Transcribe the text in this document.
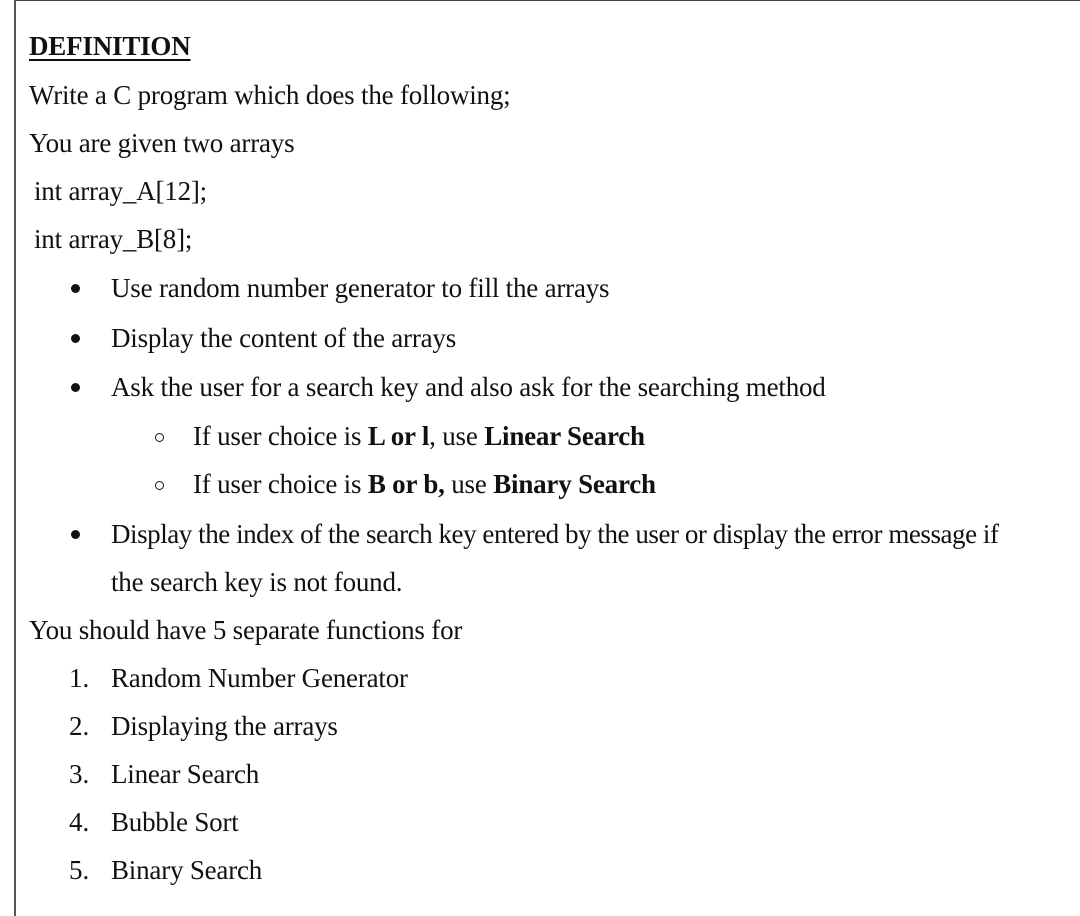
DEFINITION
Write a C program which does the following;
You are given two arrays
int array_A[12];
int array_B[8];
Use random number generator to fill the arrays
Display the content of the arrays
Ask the user for a search key and also ask for the searching method
If user choice is L or l, use Linear Search
If user choice is B or b, use Binary Search
Display the index of the search key entered by the user or display the error message if
the search key is not found.
You should have 5 separate functions for
1. Random Number Generator
2. Displaying the arrays
3. Linear Search
4. Bubble Sort
5. Binary Search
